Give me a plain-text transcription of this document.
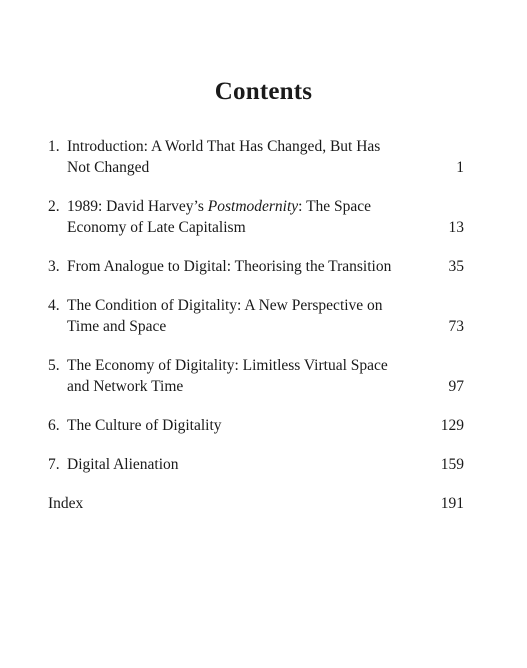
Contents
1. Introduction: A World That Has Changed, But Has
Not Changed	1
2. 1989: David Harvey’s Postmodernity: The Space
Economy of Late Capitalism	13
3. From Analogue to Digital: Theorising the Transition	35
4. The Condition of Digitality: A New Perspective on
Time and Space	73
5. The Economy of Digitality: Limitless Virtual Space
and Network Time	97
6. The Culture of Digitality	129
7. Digital Alienation	159
Index	191
